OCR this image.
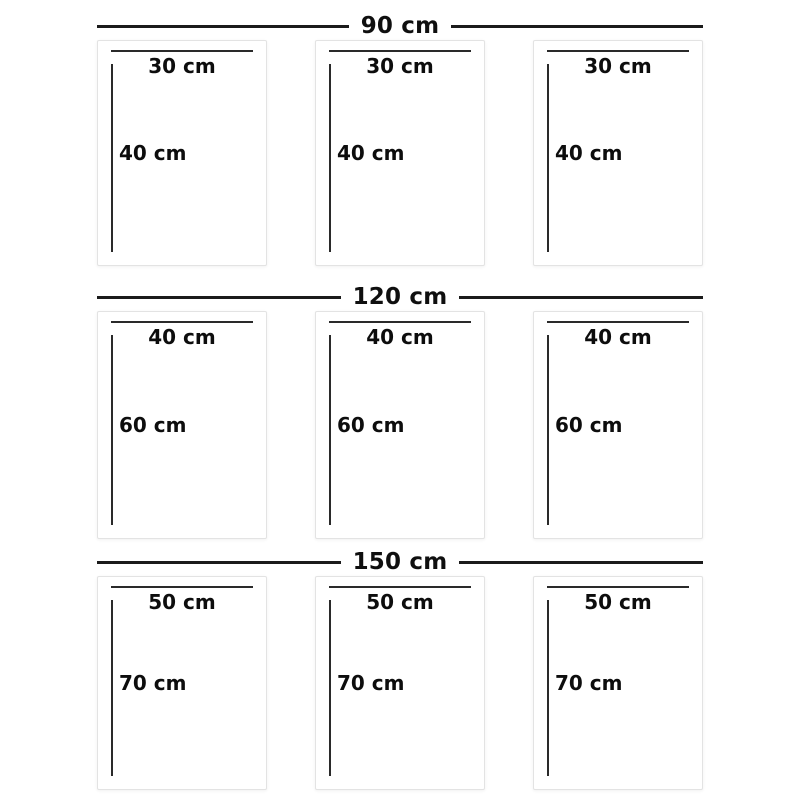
90 cm
30 cm
40 cm
30 cm
40 cm
30 cm
40 cm
120 cm
40 cm
60 cm
40 cm
60 cm
40 cm
60 cm
150 cm
50 cm
70 cm
50 cm
70 cm
50 cm
70 cm
